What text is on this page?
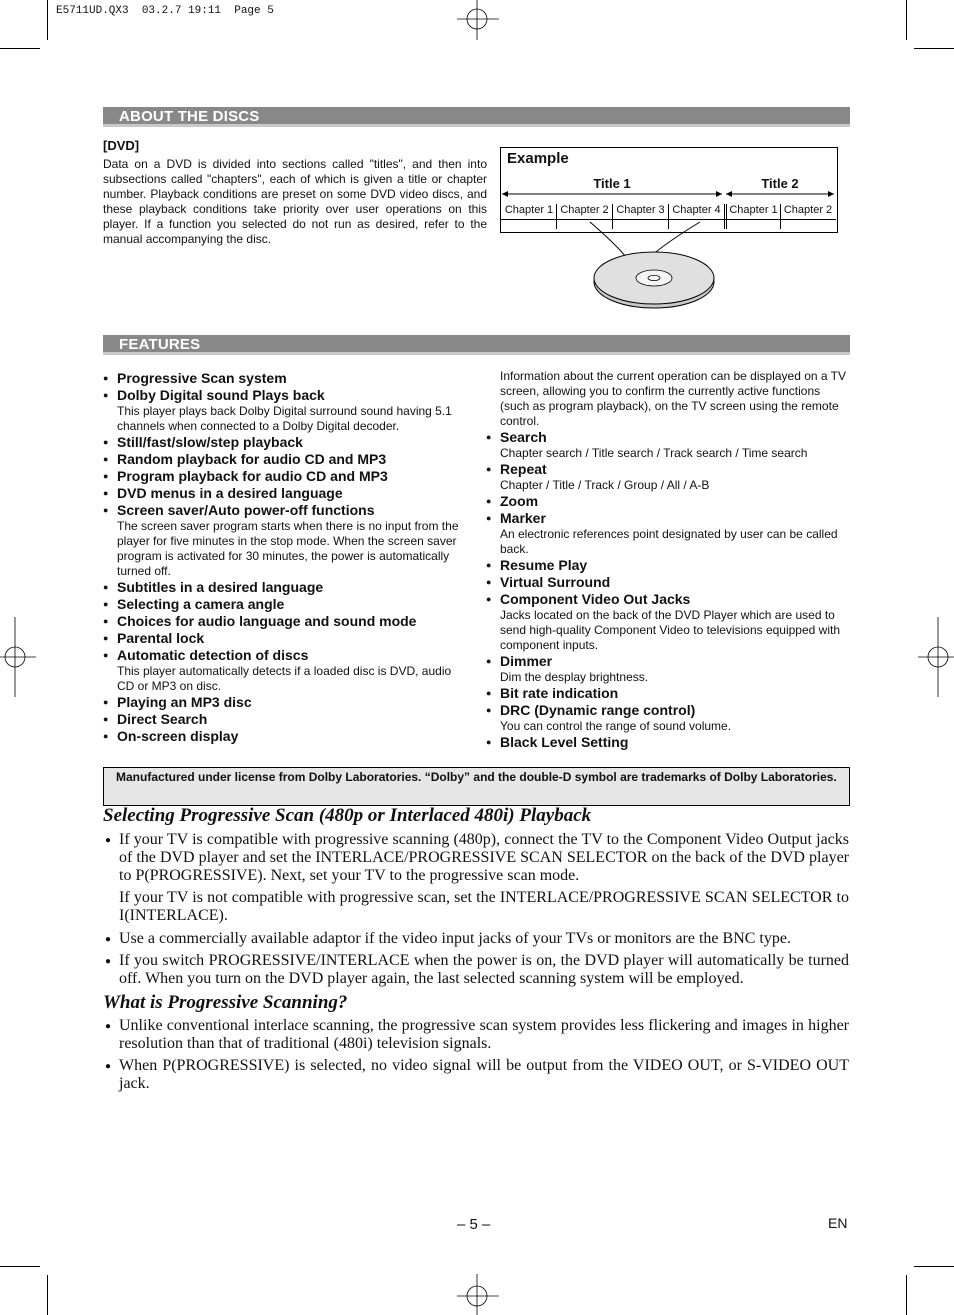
E5711UD.QX3  03.2.7 19:11  Page 5
ABOUT THE DISCS
[DVD]
Data on a DVD is divided into sections called "titles", and then into subsections called "chapters", each of which is given a title or chapter number. Playback conditions are preset on some DVD video discs, and these playback conditions take priority over user operations on this player. If a function you selected do not run as desired, refer to the manual accompanying the disc.
Example
Title 1	Title 2
Chapter 1 Chapter 2 Chapter 3 Chapter 4 Chapter 1 Chapter 2
FEATURES
● Progressive Scan system
● Dolby Digital sound Plays back
This player plays back Dolby Digital surround sound having 5.1 channels when connected to a Dolby Digital decoder.
● Still/fast/slow/step playback
● Random playback for audio CD and MP3
● Program playback for audio CD and MP3
● DVD menus in a desired language
● Screen saver/Auto power-off functions
The screen saver program starts when there is no input from the player for five minutes in the stop mode. When the screen saver program is activated for 30 minutes, the power is automatically turned off.
● Subtitles in a desired language
● Selecting a camera angle
● Choices for audio language and sound mode
● Parental lock
● Automatic detection of discs
This player automatically detects if a loaded disc is DVD, audio CD or MP3 on disc.
● Playing an MP3 disc
● Direct Search
● On-screen display
Information about the current operation can be displayed on a TV screen, allowing you to confirm the currently active functions (such as program playback), on the TV screen using the remote control.
● Search
Chapter search / Title search / Track search / Time search
● Repeat
Chapter / Title / Track / Group / All / A-B
● Zoom
● Marker
An electronic references point designated by user can be called back.
● Resume Play
● Virtual Surround
● Component Video Out Jacks
Jacks located on the back of the DVD Player which are used to send high-quality Component Video to televisions equipped with component inputs.
● Dimmer
Dim the desplay brightness.
● Bit rate indication
● DRC (Dynamic range control)
You can control the range of sound volume.
● Black Level Setting
Manufactured under license from Dolby Laboratories. “Dolby” and the double-D symbol are trademarks of Dolby Laboratories.
Selecting Progressive Scan (480p or Interlaced 480i) Playback
● If your TV is compatible with progressive scanning (480p), connect the TV to the Component Video Output jacks of the DVD player and set the INTERLACE/PROGRESSIVE SCAN SELECTOR on the back of the DVD player to P(PROGRESSIVE). Next, set your TV to the progressive scan mode.
If your TV is not compatible with progressive scan, set the INTERLACE/PROGRESSIVE SCAN SELECTOR to I(INTERLACE).
● Use a commercially available adaptor if the video input jacks of your TVs or monitors are the BNC type.
● If you switch PROGRESSIVE/INTERLACE when the power is on, the DVD player will automatically be turned off. When you turn on the DVD player again, the last selected scanning system will be employed.
What is Progressive Scanning?
● Unlike conventional interlace scanning, the progressive scan system provides less flickering and images in higher resolution than that of traditional (480i) television signals.
● When P(PROGRESSIVE) is selected, no video signal will be output from the VIDEO OUT, or S-VIDEO OUT jack.
– 5 –	EN
